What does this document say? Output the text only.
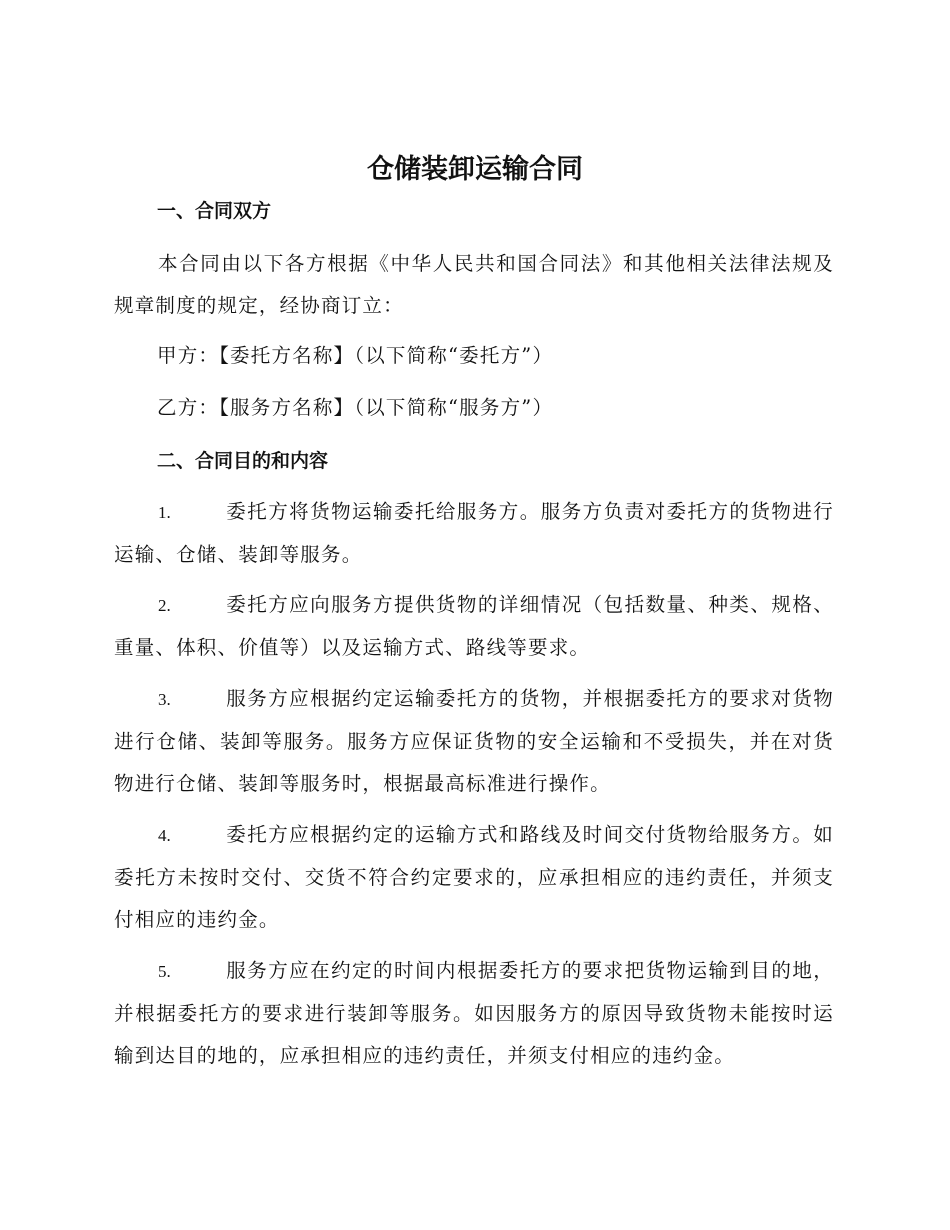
仓储装卸运输合同
一、合同双方

本合同由以下各方根据《中华人民共和国合同法》和其他相关法律法规及规章制度的规定，经协商订立：

甲方：【委托方名称】（以下简称“委托方”）

乙方：【服务方名称】（以下简称“服务方”）

二、合同目的和内容

1.	委托方将货物运输委托给服务方。服务方负责对委托方的货物进行运输、仓储、装卸等服务。

2.	委托方应向服务方提供货物的详细情况（包括数量、种类、规格、重量、体积、价值等）以及运输方式、路线等要求。

3.	服务方应根据约定运输委托方的货物，并根据委托方的要求对货物进行仓储、装卸等服务。服务方应保证货物的安全运输和不受损失，并在对货物进行仓储、装卸等服务时，根据最高标准进行操作。

4.	委托方应根据约定的运输方式和路线及时间交付货物给服务方。如委托方未按时交付、交货不符合约定要求的，应承担相应的违约责任，并须支付相应的违约金。

5.	服务方应在约定的时间内根据委托方的要求把货物运输到目的地，并根据委托方的要求进行装卸等服务。如因服务方的原因导致货物未能按时运输到达目的地的，应承担相应的违约责任，并须支付相应的违约金。
